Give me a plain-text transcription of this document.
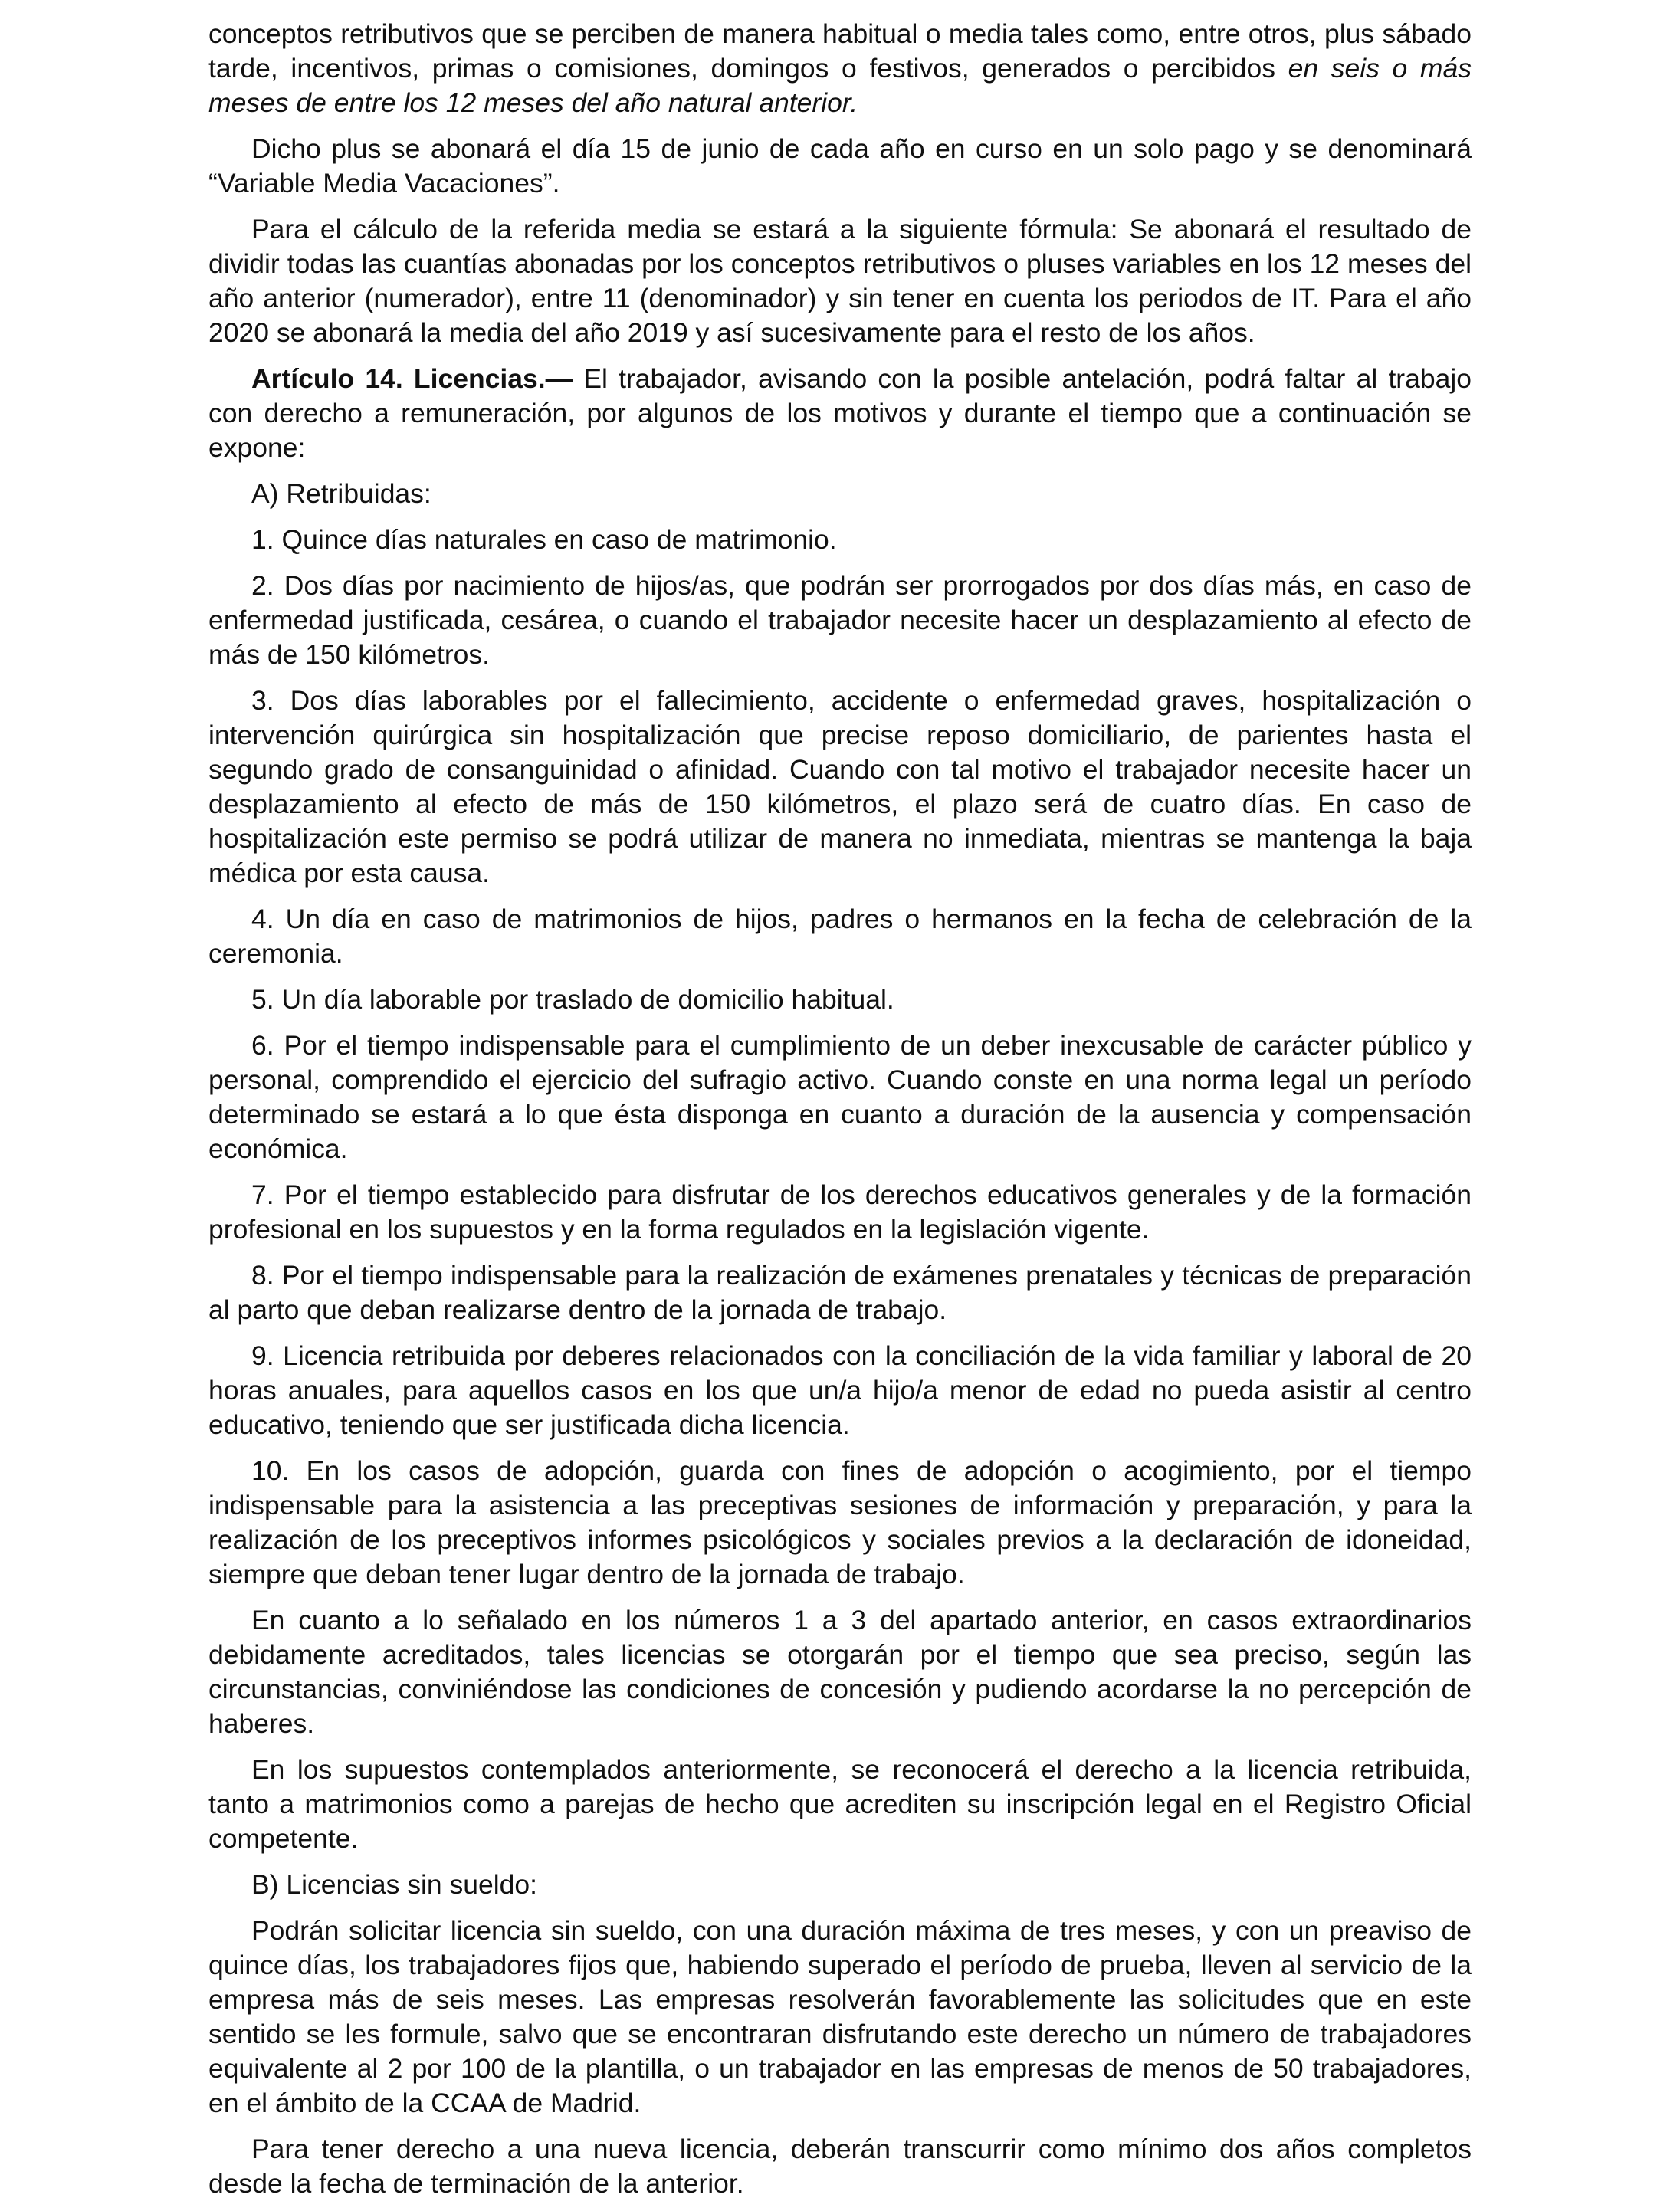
conceptos retributivos que se perciben de manera habitual o media tales como, entre otros, plus sábado tarde, incentivos, primas o comisiones, domingos o festivos, generados o percibidos en seis o más meses de entre los 12 meses del año natural anterior.

Dicho plus se abonará el día 15 de junio de cada año en curso en un solo pago y se denominará “Variable Media Vacaciones”.

Para el cálculo de la referida media se estará a la siguiente fórmula: Se abonará el resultado de dividir todas las cuantías abonadas por los conceptos retributivos o pluses variables en los 12 meses del año anterior (numerador), entre 11 (denominador) y sin tener en cuenta los periodos de IT. Para el año 2020 se abonará la media del año 2019 y así sucesivamente para el resto de los años.

Artículo 14. Licencias.— El trabajador, avisando con la posible antelación, podrá faltar al trabajo con derecho a remuneración, por algunos de los motivos y durante el tiempo que a continuación se expone:

A) Retribuidas:

1. Quince días naturales en caso de matrimonio.

2. Dos días por nacimiento de hijos/as, que podrán ser prorrogados por dos días más, en caso de enfermedad justificada, cesárea, o cuando el trabajador necesite hacer un desplazamiento al efecto de más de 150 kilómetros.

3. Dos días laborables por el fallecimiento, accidente o enfermedad graves, hospitalización o intervención quirúrgica sin hospitalización que precise reposo domiciliario, de parientes hasta el segundo grado de consanguinidad o afinidad. Cuando con tal motivo el trabajador necesite hacer un desplazamiento al efecto de más de 150 kilómetros, el plazo será de cuatro días. En caso de hospitalización este permiso se podrá utilizar de manera no inmediata, mientras se mantenga la baja médica por esta causa.

4. Un día en caso de matrimonios de hijos, padres o hermanos en la fecha de celebración de la ceremonia.

5. Un día laborable por traslado de domicilio habitual.

6. Por el tiempo indispensable para el cumplimiento de un deber inexcusable de carácter público y personal, comprendido el ejercicio del sufragio activo. Cuando conste en una norma legal un período determinado se estará a lo que ésta disponga en cuanto a duración de la ausencia y compensación económica.

7. Por el tiempo establecido para disfrutar de los derechos educativos generales y de la formación profesional en los supuestos y en la forma regulados en la legislación vigente.

8. Por el tiempo indispensable para la realización de exámenes prenatales y técnicas de preparación al parto que deban realizarse dentro de la jornada de trabajo.

9. Licencia retribuida por deberes relacionados con la conciliación de la vida familiar y laboral de 20 horas anuales, para aquellos casos en los que un/a hijo/a menor de edad no pueda asistir al centro educativo, teniendo que ser justificada dicha licencia.

10. En los casos de adopción, guarda con fines de adopción o acogimiento, por el tiempo indispensable para la asistencia a las preceptivas sesiones de información y preparación, y para la realización de los preceptivos informes psicológicos y sociales previos a la declaración de idoneidad, siempre que deban tener lugar dentro de la jornada de trabajo.

En cuanto a lo señalado en los números 1 a 3 del apartado anterior, en casos extraordinarios debidamente acreditados, tales licencias se otorgarán por el tiempo que sea preciso, según las circunstancias, conviniéndose las condiciones de concesión y pudiendo acordarse la no percepción de haberes.

En los supuestos contemplados anteriormente, se reconocerá el derecho a la licencia retribuida, tanto a matrimonios como a parejas de hecho que acrediten su inscripción legal en el Registro Oficial competente.

B) Licencias sin sueldo:

Podrán solicitar licencia sin sueldo, con una duración máxima de tres meses, y con un preaviso de quince días, los trabajadores fijos que, habiendo superado el período de prueba, lleven al servicio de la empresa más de seis meses. Las empresas resolverán favorablemente las solicitudes que en este sentido se les formule, salvo que se encontraran disfrutando este derecho un número de trabajadores equivalente al 2 por 100 de la plantilla, o un trabajador en las empresas de menos de 50 trabajadores, en el ámbito de la CCAA de Madrid.

Para tener derecho a una nueva licencia, deberán transcurrir como mínimo dos años completos desde la fecha de terminación de la anterior.
